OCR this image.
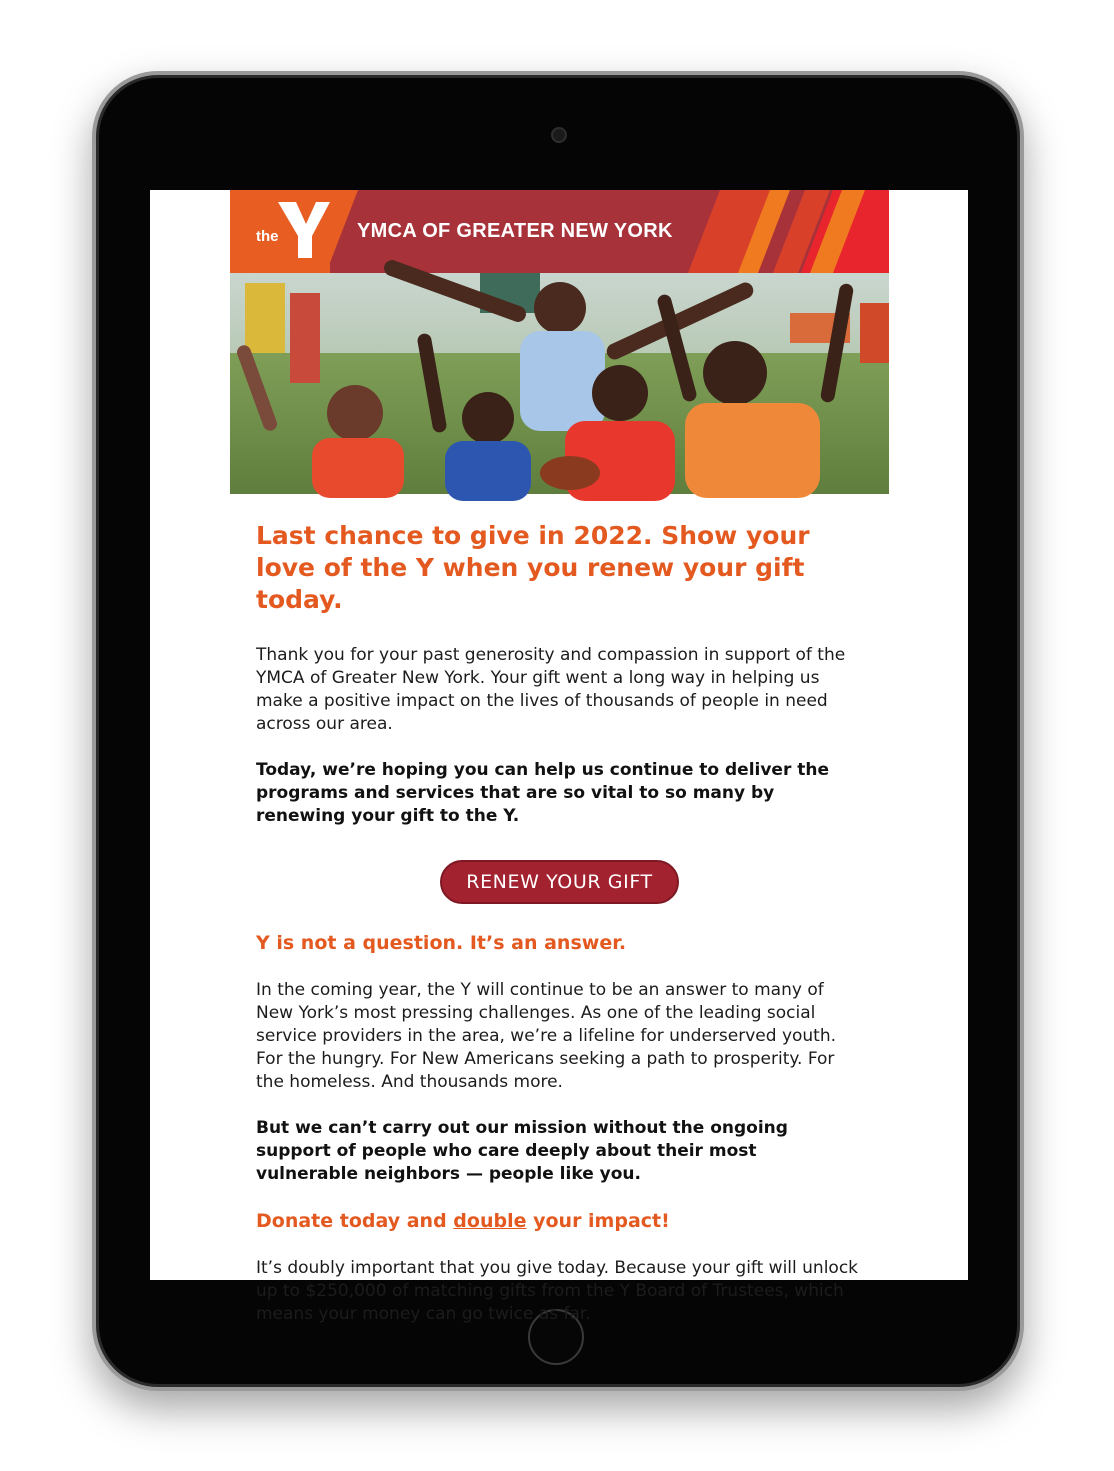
the	YMCA OF GREATER NEW YORK
Last chance to give in 2022. Show your love of the Y when you renew your gift today.

Thank you for your past generosity and compassion in support of the YMCA of Greater New York. Your gift went a long way in helping us make a positive impact on the lives of thousands of people in need across our area.

Today, we’re hoping you can help us continue to deliver the programs and services that are so vital to so many by renewing your gift to the Y.

RENEW YOUR GIFT
Y is not a question. It’s an answer.

In the coming year, the Y will continue to be an answer to many of New York’s most pressing challenges. As one of the leading social service providers in the area, we’re a lifeline for underserved youth. For the hungry. For New Americans seeking a path to prosperity. For the homeless. And thousands more.

But we can’t carry out our mission without the ongoing support of people who care deeply about their most vulnerable neighbors — people like you.

Donate today and double your impact!

It’s doubly important that you give today. Because your gift will unlock up to $250,000 of matching gifts from the Y Board of Trustees, which means your money can go twice as far.
